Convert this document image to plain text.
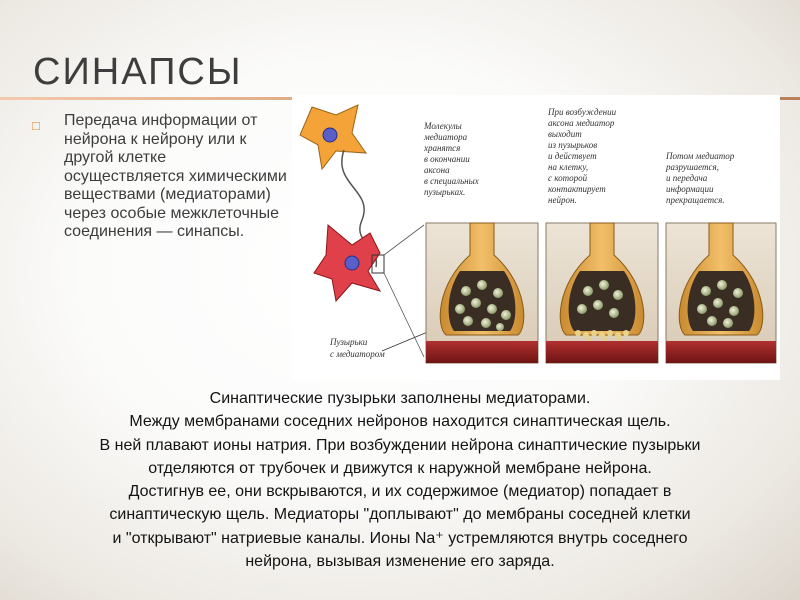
СИНАПСЫ
□ Передача информации от нейрона к нейрону или к другой клетке осуществляется химическими веществами (медиаторами) через особые межклеточные соединения — синапсы.
Пузырьки с медиатором
Молекулы медиатора хранятся в окончании аксона в специальных пузырьках.
При возбуждении аксона медиатор выходит из пузырьков и действует на клетку, с которой контактирует нейрон.
Потом медиатор разрушается, и передача информации прекращается.
Синаптические пузырьки заполнены медиаторами.
Между мембранами соседних нейронов находится синаптическая щель.
В ней плавают ионы натрия. При возбуждении нейрона синаптические пузырьки
отделяются от трубочек и движутся к наружной мембране нейрона.
Достигнув ее, они вскрываются, и их содержимое (медиатор) попадает в
синаптическую щель. Медиаторы "доплывают" до мембраны соседней клетки
и "открывают" натриевые каналы. Ионы Na⁺ устремляются внутрь соседнего
нейрона, вызывая изменение его заряда.
